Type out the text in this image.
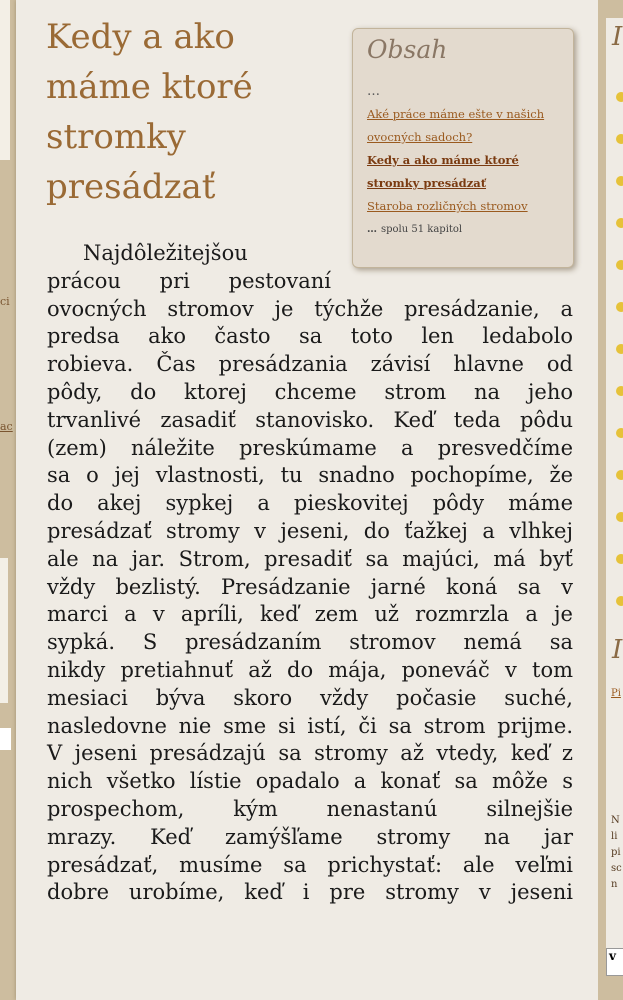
ci
ac
Kedy a ako máme ktoré stromky presádzať
Obsah
…
Aké práce máme ešte v našich ovocných sadoch?
Kedy a ako máme ktoré stromky presádzať
Staroba rozličných stromov
… spolu 51 kapitol
Najdôležitejšou
prácou pri pestovaní
ovocných stromov je týchže presádzanie, a
predsa ako často sa toto len ledabolo
robieva. Čas presádzania závisí hlavne od
pôdy, do ktorej chceme strom na jeho
trvanlivé zasadiť stanovisko. Keď teda pôdu
(zem) náležite preskúmame a presvedčíme
sa o jej vlastnosti, tu snadno pochopíme, že
do akej sypkej a pieskovitej pôdy máme
presádzať stromy v jeseni, do ťažkej a vlhkej
ale na jar. Strom, presadiť sa majúci, má byť
vždy bezlistý. Presádzanie jarné koná sa v
marci a v apríli, keď zem už rozmrzla a je
sypká. S presádzaním stromov nemá sa
nikdy pretiahnuť až do mája, poneváč v tom
mesiaci býva skoro vždy počasie suché,
nasledovne nie sme si istí, či sa strom prijme.
V jeseni presádzajú sa stromy až vtedy, keď z
nich všetko lístie opadalo a konať sa môže s
prospechom, kým nenastanú silnejšie
mrazy. Keď zamýšľame stromy na jar
presádzať, musíme sa prichystať: ale veľmi
dobre urobíme, keď i pre stromy v jeseni
I
I
Pi
N
li
pi
sc
n
v
